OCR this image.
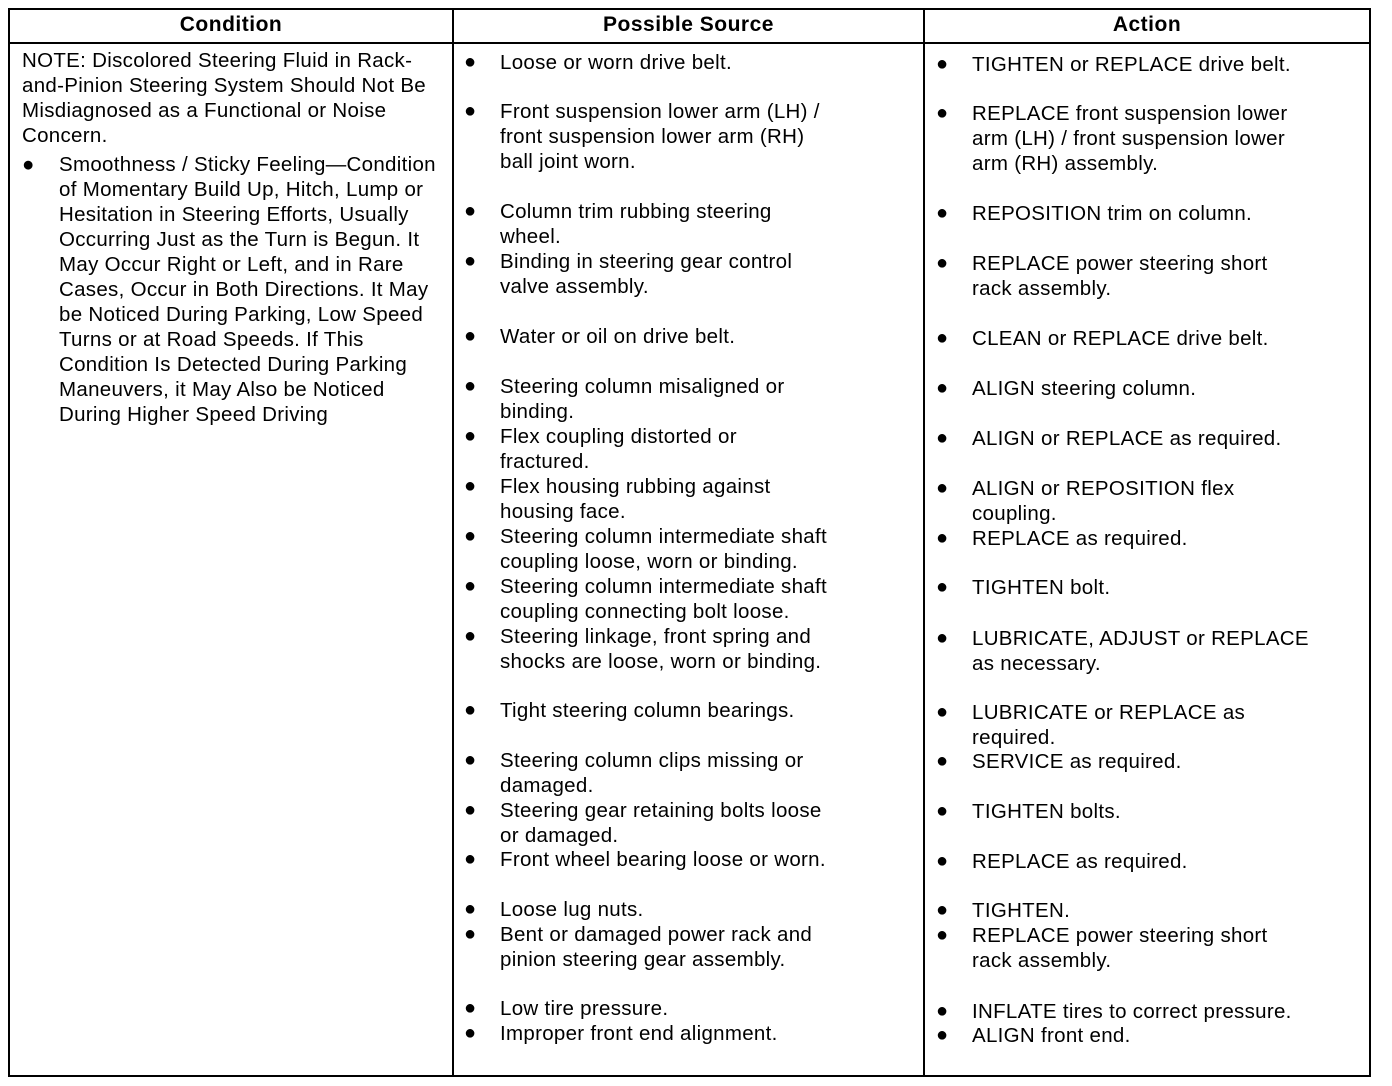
Condition	Possible Source	Action

NOTE: Discolored Steering Fluid in Rack-and-Pinion Steering System Should Not Be Misdiagnosed as a Functional or Noise Concern.

● Smoothness / Sticky Feeling—Condition of Momentary Build Up, Hitch, Lump or Hesitation in Steering Efforts, Usually Occurring Just as the Turn is Begun. It May Occur Right or Left, and in Rare Cases, Occur in Both Directions. It May be Noticed During Parking, Low Speed Turns or at Road Speeds. If This Condition Is Detected During Parking Maneuvers, it May Also be Noticed During Higher Speed Driving
● Loose or worn drive belt.
● Front suspension lower arm (LH) /
front suspension lower arm (RH)
ball joint worn.
● Column trim rubbing steering
wheel.
● Binding in steering gear control
valve assembly.
● Water or oil on drive belt.
● Steering column misaligned or
binding.
● Flex coupling distorted or
fractured.
● Flex housing rubbing against
housing face.
● Steering column intermediate shaft
coupling loose, worn or binding.
● Steering column intermediate shaft
coupling connecting bolt loose.
● Steering linkage, front spring and
shocks are loose, worn or binding.
● Tight steering column bearings.
● Steering column clips missing or
damaged.
● Steering gear retaining bolts loose
or damaged.
● Front wheel bearing loose or worn.
● Loose lug nuts.
● Bent or damaged power rack and
pinion steering gear assembly.
● Low tire pressure.
● Improper front end alignment.
● TIGHTEN or REPLACE drive belt.
● REPLACE front suspension lower
arm (LH) / front suspension lower
arm (RH) assembly.
● REPOSITION trim on column.
● REPLACE power steering short
rack assembly.
● CLEAN or REPLACE drive belt.
● ALIGN steering column.
● ALIGN or REPLACE as required.
● ALIGN or REPOSITION flex
coupling.
● REPLACE as required.
● TIGHTEN bolt.
● LUBRICATE, ADJUST or REPLACE
as necessary.
● LUBRICATE or REPLACE as
required.
● SERVICE as required.
● TIGHTEN bolts.
● REPLACE as required.
● TIGHTEN.
● REPLACE power steering short
rack assembly.
● INFLATE tires to correct pressure.
● ALIGN front end.
